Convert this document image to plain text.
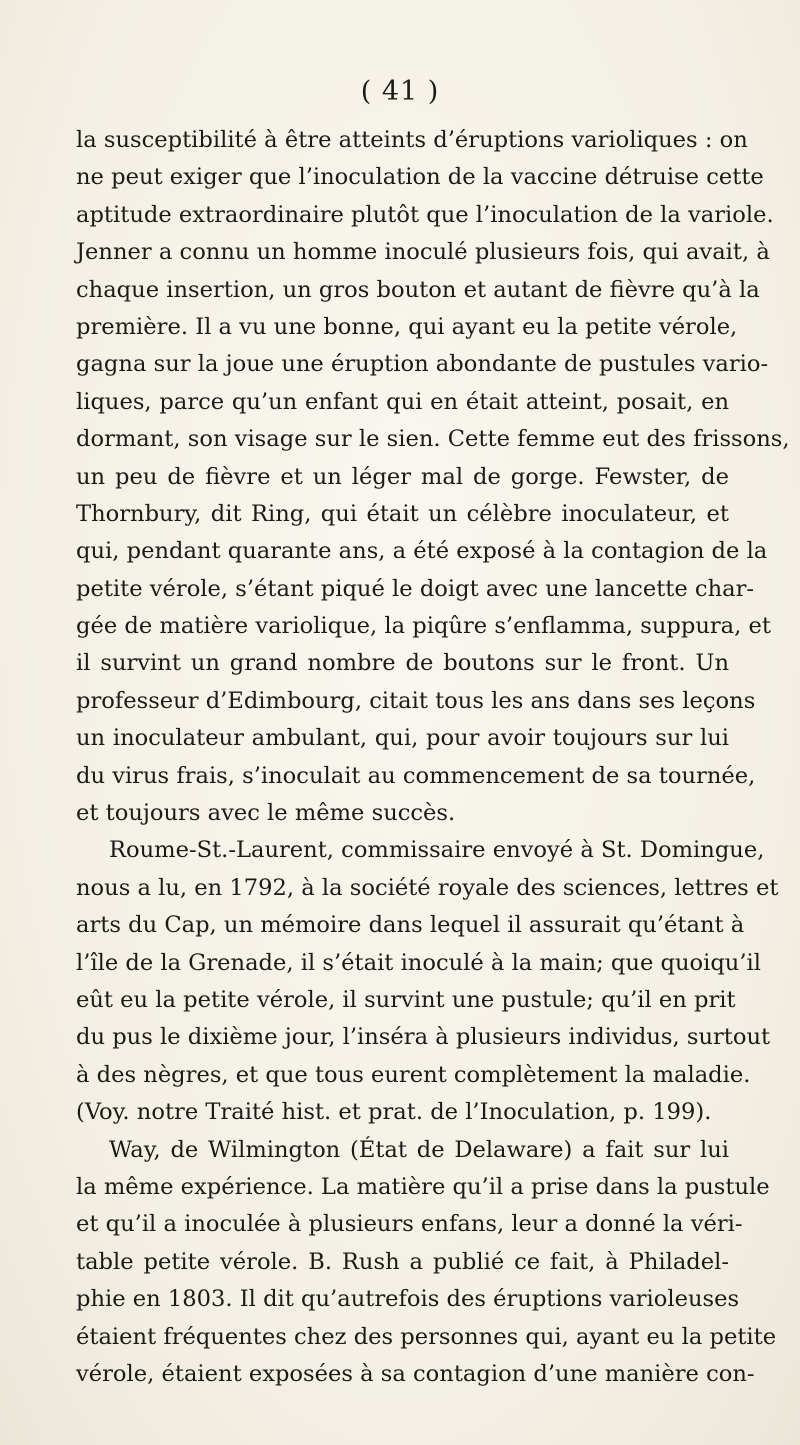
( 41 )
la susceptibilité à être atteints d’éruptions varioliques : on
ne peut exiger que l’inoculation de la vaccine détruise cette
aptitude extraordinaire plutôt que l’inoculation de la variole.
Jenner a connu un homme inoculé plusieurs fois, qui avait, à
chaque insertion, un gros bouton et autant de fièvre qu’à la
première. Il a vu une bonne, qui ayant eu la petite vérole,
gagna sur la joue une éruption abondante de pustules vario-
liques, parce qu’un enfant qui en était atteint, posait, en
dormant, son visage sur le sien. Cette femme eut des frissons,
un peu de fièvre et un léger mal de gorge. Fewster, de
Thornbury, dit Ring, qui était un célèbre inoculateur, et
qui, pendant quarante ans, a été exposé à la contagion de la
petite vérole, s’étant piqué le doigt avec une lancette char-
gée de matière variolique, la piqûre s’enflamma, suppura, et
il survint un grand nombre de boutons sur le front. Un
professeur d’Edimbourg, citait tous les ans dans ses leçons
un inoculateur ambulant, qui, pour avoir toujours sur lui
du virus frais, s’inoculait au commencement de sa tournée,
et toujours avec le même succès.
Roume-St.-Laurent, commissaire envoyé à St. Domingue,
nous a lu, en 1792, à la société royale des sciences, lettres et
arts du Cap, un mémoire dans lequel il assurait qu’étant à
l’île de la Grenade, il s’était inoculé à la main; que quoiqu’il
eût eu la petite vérole, il survint une pustule; qu’il en prit
du pus le dixième jour, l’inséra à plusieurs individus, surtout
à des nègres, et que tous eurent complètement la maladie.
(Voy. notre Traité hist. et prat. de l’Inoculation, p. 199).
Way, de Wilmington (État de Delaware) a fait sur lui
la même expérience. La matière qu’il a prise dans la pustule
et qu’il a inoculée à plusieurs enfans, leur a donné la véri-
table petite vérole. B. Rush a publié ce fait, à Philadel-
phie en 1803. Il dit qu’autrefois des éruptions varioleuses
étaient fréquentes chez des personnes qui, ayant eu la petite
vérole, étaient exposées à sa contagion d’une manière con-
